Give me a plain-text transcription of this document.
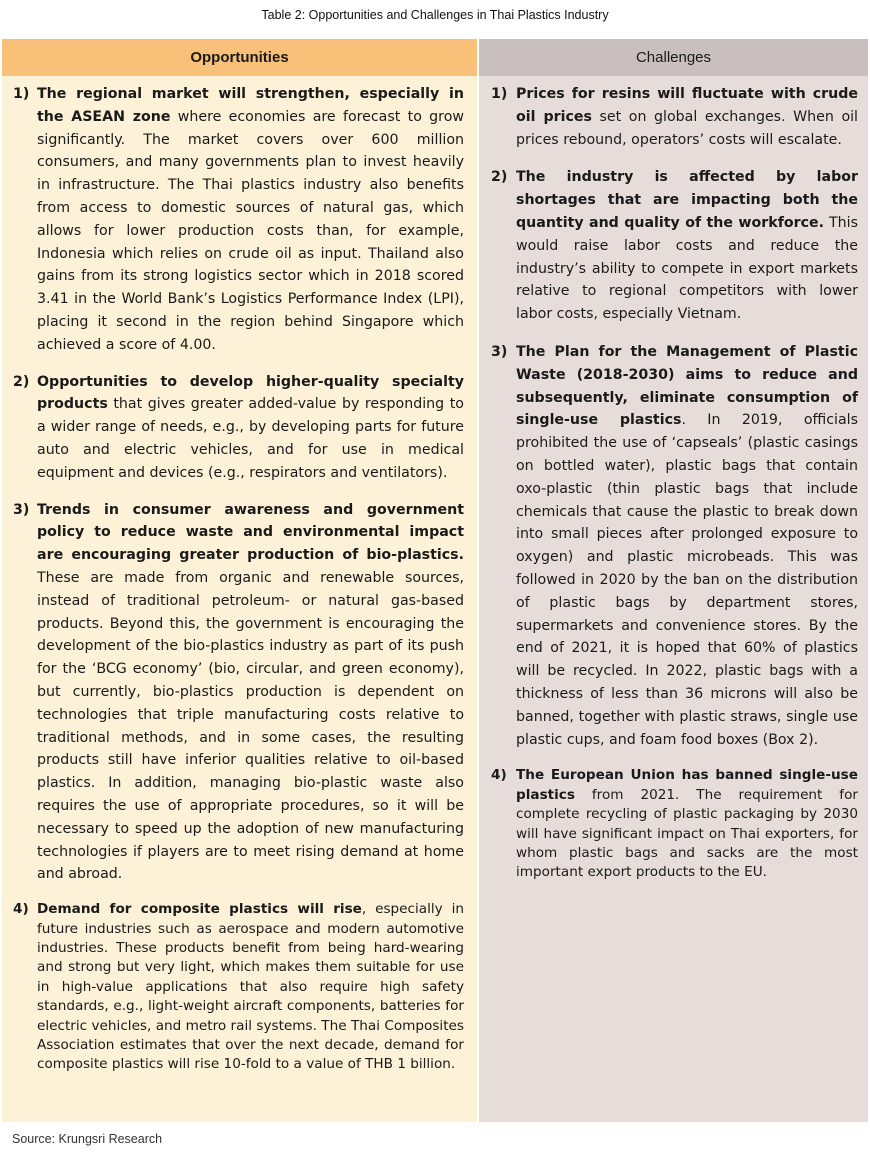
Table 2: Opportunities and Challenges in Thai Plastics Industry
Opportunities
1) The regional market will strengthen, especially in the ASEAN zone where economies are forecast to grow significantly. The market covers over 600 million consumers, and many governments plan to invest heavily in infrastructure. The Thai plastics industry also benefits from access to domestic sources of natural gas, which allows for lower production costs than, for example, Indonesia which relies on crude oil as input. Thailand also gains from its strong logistics sector which in 2018 scored 3.41 in the World Bank’s Logistics Performance Index (LPI), placing it second in the region behind Singapore which achieved a score of 4.00.
2) Opportunities to develop higher-quality specialty products that gives greater added-value by responding to a wider range of needs, e.g., by developing parts for future auto and electric vehicles, and for use in medical equipment and devices (e.g., respirators and ventilators).
3) Trends in consumer awareness and government policy to reduce waste and environmental impact are encouraging greater production of bio-plastics. These are made from organic and renewable sources, instead of traditional petroleum- or natural gas-based products. Beyond this, the government is encouraging the development of the bio-plastics industry as part of its push for the ‘BCG economy’ (bio, circular, and green economy), but currently, bio-plastics production is dependent on technologies that triple manufacturing costs relative to traditional methods, and in some cases, the resulting products still have inferior qualities relative to oil-based plastics. In addition, managing bio-plastic waste also requires the use of appropriate procedures, so it will be necessary to speed up the adoption of new manufacturing technologies if players are to meet rising demand at home and abroad.
4) Demand for composite plastics will rise, especially in future industries such as aerospace and modern automotive industries. These products benefit from being hard-wearing and strong but very light, which makes them suitable for use in high-value applications that also require high safety standards, e.g., light-weight aircraft components, batteries for electric vehicles, and metro rail systems. The Thai Composites Association estimates that over the next decade, demand for composite plastics will rise 10-fold to a value of THB 1 billion.
Challenges
1) Prices for resins will fluctuate with crude oil prices set on global exchanges. When oil prices rebound, operators’ costs will escalate.
2) The industry is affected by labor shortages that are impacting both the quantity and quality of the workforce. This would raise labor costs and reduce the industry’s ability to compete in export markets relative to regional competitors with lower labor costs, especially Vietnam.
3) The Plan for the Management of Plastic Waste (2018-2030) aims to reduce and subsequently, eliminate consumption of single-use plastics. In 2019, officials prohibited the use of ‘capseals’ (plastic casings on bottled water), plastic bags that contain oxo-plastic (thin plastic bags that include chemicals that cause the plastic to break down into small pieces after prolonged exposure to oxygen) and plastic microbeads. This was followed in 2020 by the ban on the distribution of plastic bags by department stores, supermarkets and convenience stores. By the end of 2021, it is hoped that 60% of plastics will be recycled. In 2022, plastic bags with a thickness of less than 36 microns will also be banned, together with plastic straws, single use plastic cups, and foam food boxes (Box 2).
4) The European Union has banned single-use plastics from 2021. The requirement for complete recycling of plastic packaging by 2030 will have significant impact on Thai exporters, for whom plastic bags and sacks are the most important export products to the EU.
Source: Krungsri Research
